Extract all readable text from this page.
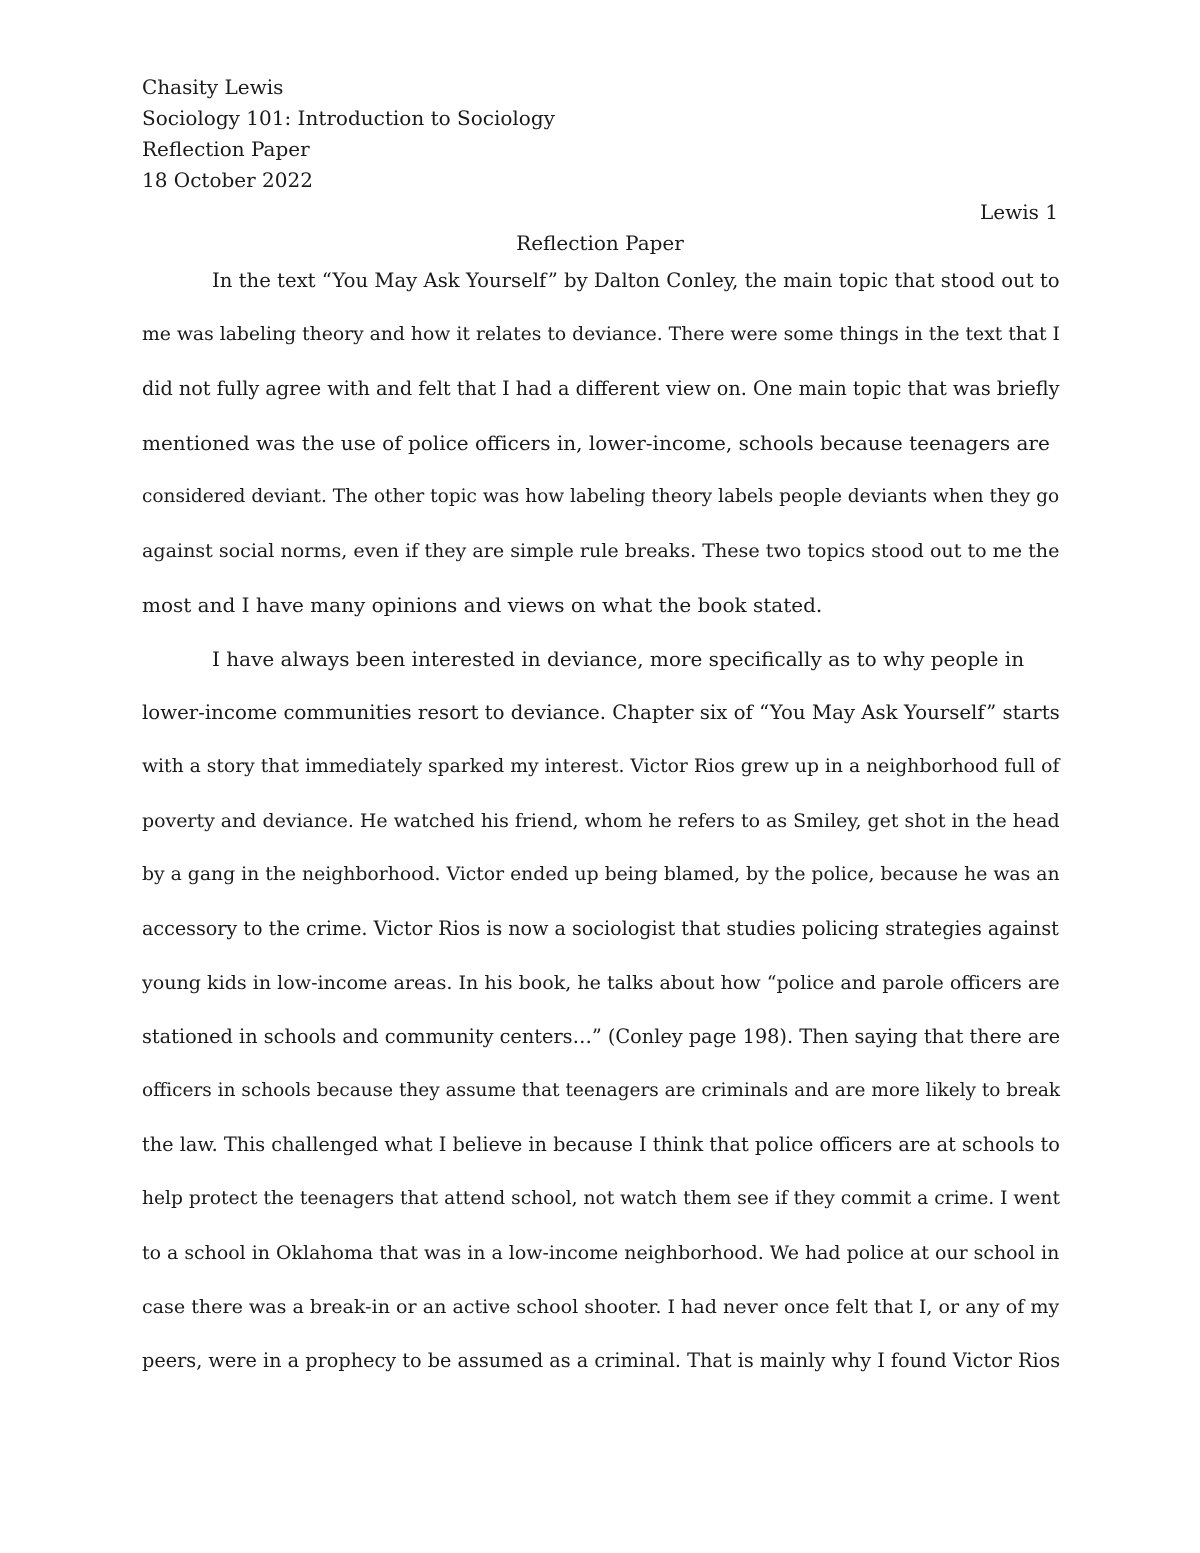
Chasity Lewis
Sociology 101: Introduction to Sociology
Reflection Paper
18 October 2022
Lewis 1
Reflection Paper
In the text “You May Ask Yourself” by Dalton Conley, the main topic that stood out to
me was labeling theory and how it relates to deviance. There were some things in the text that I
did not fully agree with and felt that I had a different view on. One main topic that was briefly
mentioned was the use of police officers in, lower-income, schools because teenagers are
considered deviant. The other topic was how labeling theory labels people deviants when they go
against social norms, even if they are simple rule breaks. These two topics stood out to me the
most and I have many opinions and views on what the book stated.
I have always been interested in deviance, more specifically as to why people in
lower-income communities resort to deviance. Chapter six of “You May Ask Yourself” starts
with a story that immediately sparked my interest. Victor Rios grew up in a neighborhood full of
poverty and deviance. He watched his friend, whom he refers to as Smiley, get shot in the head
by a gang in the neighborhood. Victor ended up being blamed, by the police, because he was an
accessory to the crime. Victor Rios is now a sociologist that studies policing strategies against
young kids in low-income areas. In his book, he talks about how “police and parole officers are
stationed in schools and community centers…” (Conley page 198). Then saying that there are
officers in schools because they assume that teenagers are criminals and are more likely to break
the law. This challenged what I believe in because I think that police officers are at schools to
help protect the teenagers that attend school, not watch them see if they commit a crime. I went
to a school in Oklahoma that was in a low-income neighborhood. We had police at our school in
case there was a break-in or an active school shooter. I had never once felt that I, or any of my
peers, were in a prophecy to be assumed as a criminal. That is mainly why I found Victor Rios
